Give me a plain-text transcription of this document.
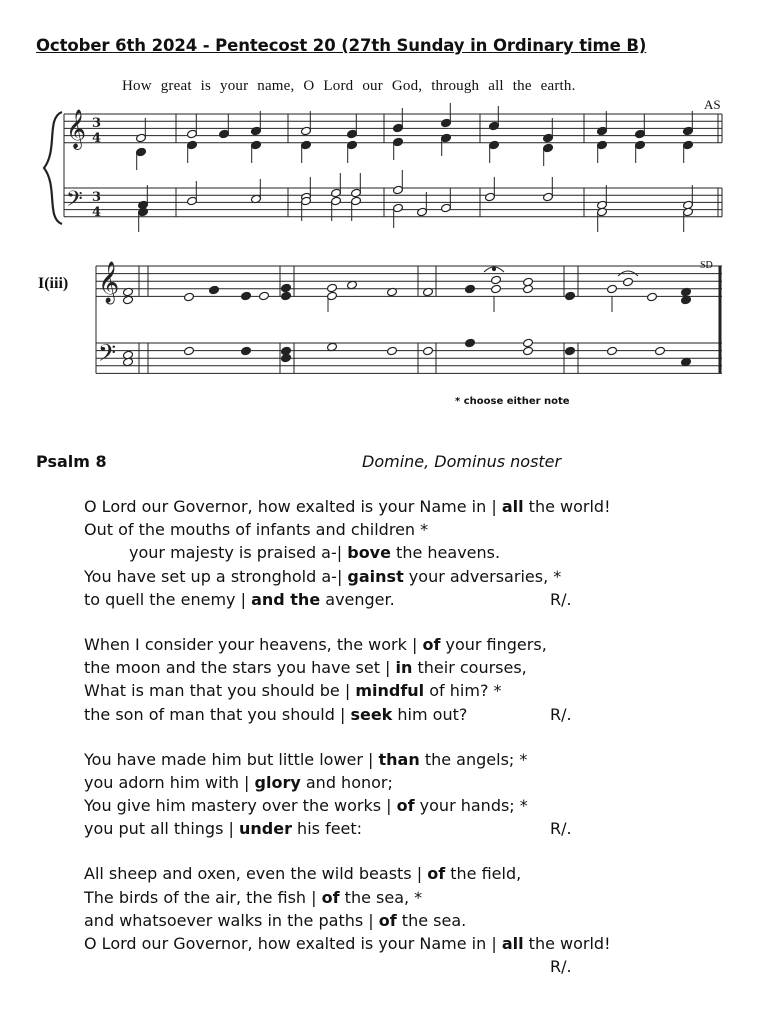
October 6th 2024 - Pentecost 20 (27th Sunday in Ordinary time B)
How great is your name, O Lord our God, through all the earth.
AS
𝄞
𝄢
3
4
3
4
𝄞
𝄢
I(iii)
SD
* choose either note
Psalm 8	Domine, Dominus noster
O Lord our Governor, how exalted is your Name in | all the world!
Out of the mouths of infants and children *
your majesty is praised a-| bove the heavens.
You have set up a stronghold a-| gainst your adversaries, *
to quell the enemy | and the avenger.	R/.
When I consider your heavens, the work | of your fingers,
the moon and the stars you have set | in their courses,
What is man that you should be | mindful of him? *
the son of man that you should | seek him out?	R/.
You have made him but little lower | than the angels; *
you adorn him with | glory and honor;
You give him mastery over the works | of your hands; *
you put all things | under his feet:	R/.
All sheep and oxen, even the wild beasts | of the field,
The birds of the air, the fish | of the sea, *
and whatsoever walks in the paths | of the sea.
O Lord our Governor, how exalted is your Name in | all the world!
R/.
